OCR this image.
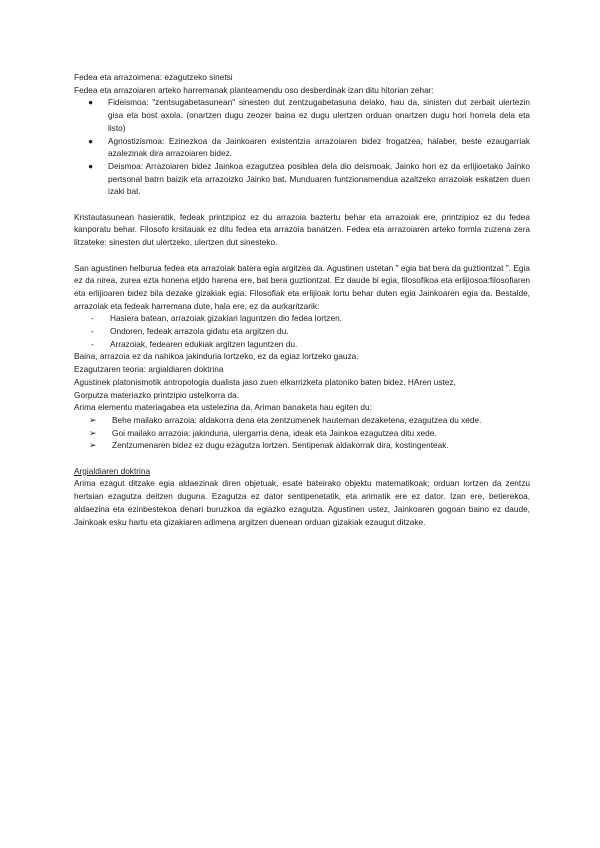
Fedea eta arrazoimena: ezagutzeko sinetsi

Fedea eta arrazoiaren arteko harremanak planteamendu oso desberdinak izan ditu hitorian zehar:

● Fideismoa: "zentsugabetasunean" sinesten dut zentzugabetasuna delako, hau da, sinisten dut zerbait ulertezin gisa eta bost axola. (onartzen dugu zeozer baina ez dugu ulertzen orduan onartzen dugu hori horrela dela eta listo)
● Agnostizismoa: Ezinezkoa da Jainkoaren existentzia arrazoiaren bidez frogatzea, halaber, beste ezaugarriak azalezinak dira arrazoiaren bidez.
● Deismoa: Arrazoiaren bidez Jainkoa ezagutzea posiblea dela dio deismoak, Jainko hori ez da erlijioetako Jainko pertsonal batrn baizik eta arrazoizko Jainko bat, Munduaren funtzionamendua azaltzeko arrazoiak eskatzen duen izaki bat.

Kristautasunean hasieratik, fedeak printzipioz ez du arrazoia baztertu behar eta arrazoiak ere, printzipioz ez du fedea kanporatu behar. Filosofo krsitauak ez ditu fedea eta arrazoia banatzen. Fedea eta arrazoiaren arteko formla zuzena zera litzateke: sinesten dut ulertzeko, ulertzen dut sinesteko.

San agustinen helburua fedea eta arrazoiak batera egia argitzea da. Agustinen ustetan " egia bat bera da guztiontzat ". Egia ez da nirea, zurea ezta honena etjdo harena ere, bat bera guztiontzat. Ez daude bi egia, filosofikoa eta erlijiosoa:filosofiaren eta erlijioaren bidez bila dezake gizakiak egia. Filosofiak eta erlijioak lortu behar duten egia Jainkoaren egia da. Bestalde, arrazoiak eta fedeak harremana dute, hala ere, ez da aurkaritzarik:

- Hasiera batean, arrazoiak gizakiari laguntzen dio fedea lortzen.
- Ondoren, fedeak arrazoia gidatu eta argitzen du.
- Arrazoiak, fedearen edukiak argitzen laguntzen du.

Baina, arrazoia ez da nahikoa jakinduria lortzeko, ez da egiaz lortzeko gauza.

Ezagutzaren teoria: argialdiaren doktrina

Agustinek platonismotik antropologia dualista jaso zuen elkarrizketa platoniko baten bidez. HAren ustez,

Gorputza materiazko printzipio ustelkorra da.

Arima elementu materiagabea eta ustelezina da. Ariman banaketa hau egiten du:

➢ Behe mailako arrazoia: aldakorra dena eta zentzumenek hauteman dezaketena, ezagutzea du xede.
➢ Goi mailako arrazoia: jakinduria, ulergarria dena, ideak eta Jainkoa ezagutzea ditu xede.
➢ Zentzumenaren bidez ez dugu ezagutza lortzen. Sentipenak aldakorrak dira, kostingenteak.

Argialdiaren doktrina

Arima ezagut ditzake egia aldaezinak diren objetuak, esate bateirako objektu matematikoak; orduan lortzen da zentzu hertsian ezagutza deitzen duguna. Ezagutza ez dator sentipenetatik, eta arimatik ere ez dator. Izan ere, betierekoa, aldaezina eta ezinbestekoa denari buruzkoa da egiazko ezagutza. Agustinen ustez, Jainkoaren gogoan baino ez daude, Jainkoak esku hartu eta gizakiaren adimena argitzen duenean orduan gizakiak ezaugut ditzake.
